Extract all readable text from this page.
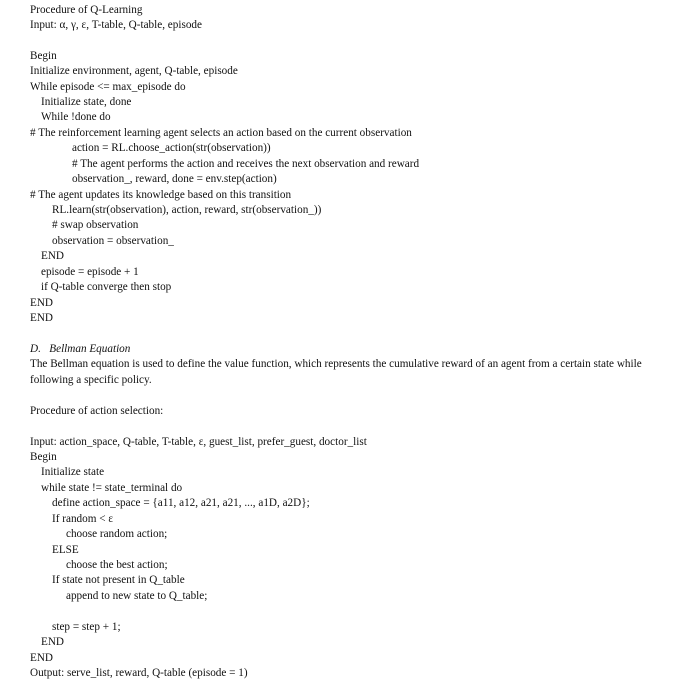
Procedure of Q-Learning
Input: α, γ, ε, T-table, Q-table, episode
Begin
Initialize environment, agent, Q-table, episode
While episode <= max_episode do
Initialize state, done
While !done do
# The reinforcement learning agent selects an action based on the current observation
action = RL.choose_action(str(observation))
# The agent performs the action and receives the next observation and reward
observation_, reward, done = env.step(action)
# The agent updates its knowledge based on this transition
RL.learn(str(observation), action, reward, str(observation_))
# swap observation
observation = observation_
END
episode = episode + 1
if Q-table converge then stop
END
END
D.   Bellman Equation
The Bellman equation is used to define the value function, which represents the cumulative reward of an agent from a certain state while following a specific policy.
Procedure of action selection:
Input: action_space, Q-table, T-table, ε, guest_list, prefer_guest, doctor_list
Begin
Initialize state
while state != state_terminal do
define action_space = {a11, a12, a21, a21, ..., a1D, a2D};
If random < ε
choose random action;
ELSE
choose the best action;
If state not present in Q_table
append to new state to Q_table;
step = step + 1;
END
END
Output: serve_list, reward, Q-table (episode = 1)
